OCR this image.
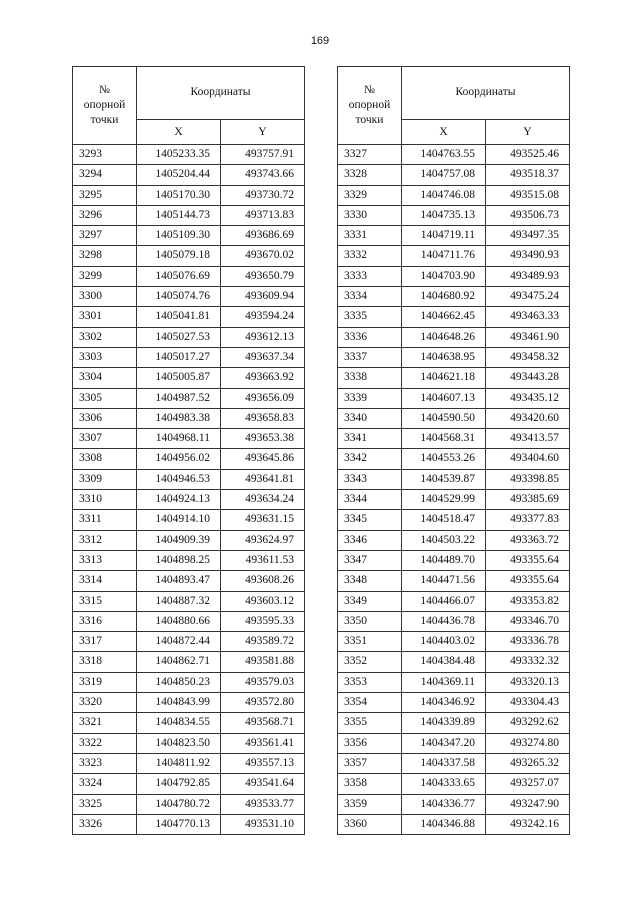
169
№
опорной
точки	Координаты	
	X	Y
3293	1405233.35	493757.91
3294	1405204.44	493743.66
3295	1405170.30	493730.72
3296	1405144.73	493713.83
3297	1405109.30	493686.69
3298	1405079.18	493670.02
3299	1405076.69	493650.79
3300	1405074.76	493609.94
3301	1405041.81	493594.24
3302	1405027.53	493612.13
3303	1405017.27	493637.34
3304	1405005.87	493663.92
3305	1404987.52	493656.09
3306	1404983.38	493658.83
3307	1404968.11	493653.38
3308	1404956.02	493645.86
3309	1404946.53	493641.81
3310	1404924.13	493634.24
3311	1404914.10	493631.15
3312	1404909.39	493624.97
3313	1404898.25	493611.53
3314	1404893.47	493608.26
3315	1404887.32	493603.12
3316	1404880.66	493595.33
3317	1404872.44	493589.72
3318	1404862.71	493581.88
3319	1404850.23	493579.03
3320	1404843.99	493572.80
3321	1404834.55	493568.71
3322	1404823.50	493561.41
3323	1404811.92	493557.13
3324	1404792.85	493541.64
3325	1404780.72	493533.77
3326	1404770.13	493531.10
№
опорной
точки	Координаты	
	X	Y
3327	1404763.55	493525.46
3328	1404757.08	493518.37
3329	1404746.08	493515.08
3330	1404735.13	493506.73
3331	1404719.11	493497.35
3332	1404711.76	493490.93
3333	1404703.90	493489.93
3334	1404680.92	493475.24
3335	1404662.45	493463.33
3336	1404648.26	493461.90
3337	1404638.95	493458.32
3338	1404621.18	493443.28
3339	1404607.13	493435.12
3340	1404590.50	493420.60
3341	1404568.31	493413.57
3342	1404553.26	493404.60
3343	1404539.87	493398.85
3344	1404529.99	493385.69
3345	1404518.47	493377.83
3346	1404503.22	493363.72
3347	1404489.70	493355.64
3348	1404471.56	493355.64
3349	1404466.07	493353.82
3350	1404436.78	493346.70
3351	1404403.02	493336.78
3352	1404384.48	493332.32
3353	1404369.11	493320.13
3354	1404346.92	493304.43
3355	1404339.89	493292.62
3356	1404347.20	493274.80
3357	1404337.58	493265.32
3358	1404333.65	493257.07
3359	1404336.77	493247.90
3360	1404346.88	493242.16
